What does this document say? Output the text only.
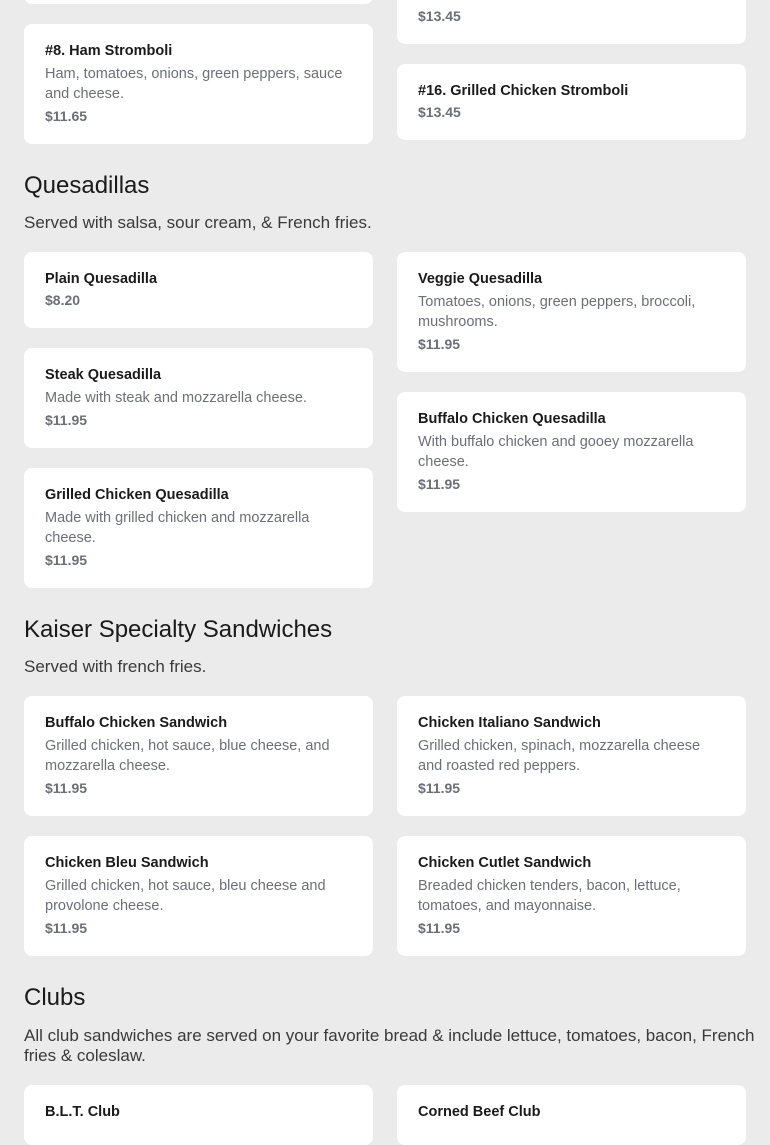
$13.45
#8. Ham Stromboli
Ham, tomatoes, onions, green peppers, sauce and cheese.
$11.65
#16. Grilled Chicken Stromboli
$13.45
Quesadillas
Served with salsa, sour cream, & French fries.
Plain Quesadilla
$8.20
Veggie Quesadilla
Tomatoes, onions, green peppers, broccoli, mushrooms.
$11.95
Steak Quesadilla
Made with steak and mozzarella cheese.
$11.95	Buffalo Chicken Quesadilla
With buffalo chicken and gooey mozzarella cheese.
$11.95
Grilled Chicken Quesadilla
Made with grilled chicken and mozzarella cheese.
$11.95
Kaiser Specialty Sandwiches
Served with french fries.
Buffalo Chicken Sandwich
Grilled chicken, hot sauce, blue cheese, and mozzarella cheese.
$11.95
Chicken Italiano Sandwich
Grilled chicken, spinach, mozzarella cheese and roasted red peppers.
$11.95
Chicken Bleu Sandwich
Grilled chicken, hot sauce, bleu cheese and provolone cheese.
$11.95
Chicken Cutlet Sandwich
Breaded chicken tenders, bacon, lettuce, tomatoes, and mayonnaise.
$11.95
Clubs
All club sandwiches are served on your favorite bread & include lettuce, tomatoes, bacon, French fries & coleslaw.
B.L.T. Club	Corned Beef Club
